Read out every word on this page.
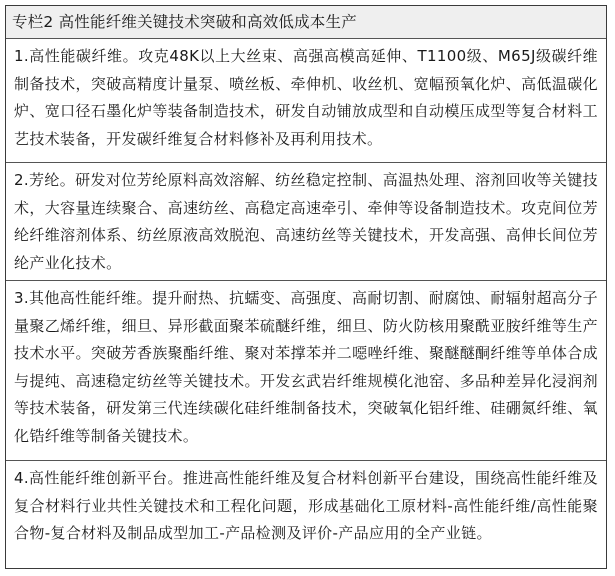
专栏2 高性能纤维关键技术突破和高效低成本生产
1.高性能碳纤维。攻克48K以上大丝束、高强高模高延伸、T1100级、M65J级碳纤维制备技术，突破高精度计量泵、喷丝板、牵伸机、收丝机、宽幅预氧化炉、高低温碳化炉、宽口径石墨化炉等装备制造技术，研发自动铺放成型和自动模压成型等复合材料工艺技术装备，开发碳纤维复合材料修补及再利用技术。
2.芳纶。研发对位芳纶原料高效溶解、纺丝稳定控制、高温热处理、溶剂回收等关键技术，大容量连续聚合、高速纺丝、高稳定高速牵引、牵伸等设备制造技术。攻克间位芳纶纤维溶剂体系、纺丝原液高效脱泡、高速纺丝等关键技术，开发高强、高伸长间位芳纶产业化技术。
3.其他高性能纤维。提升耐热、抗蠕变、高强度、高耐切割、耐腐蚀、耐辐射超高分子量聚乙烯纤维，细旦、异形截面聚苯硫醚纤维，细旦、防火防核用聚酰亚胺纤维等生产技术水平。突破芳香族聚酯纤维、聚对苯撑苯并二噁唑纤维、聚醚醚酮纤维等单体合成与提纯、高速稳定纺丝等关键技术。开发玄武岩纤维规模化池窑、多品种差异化浸润剂等技术装备，研发第三代连续碳化硅纤维制备技术，突破氧化铝纤维、硅硼氮纤维、氧化锆纤维等制备关键技术。
4.高性能纤维创新平台。推进高性能纤维及复合材料创新平台建设，围绕高性能纤维及复合材料行业共性关键技术和工程化问题，形成基础化工原材料-高性能纤维/高性能聚合物-复合材料及制品成型加工-产品检测及评价-产品应用的全产业链。
